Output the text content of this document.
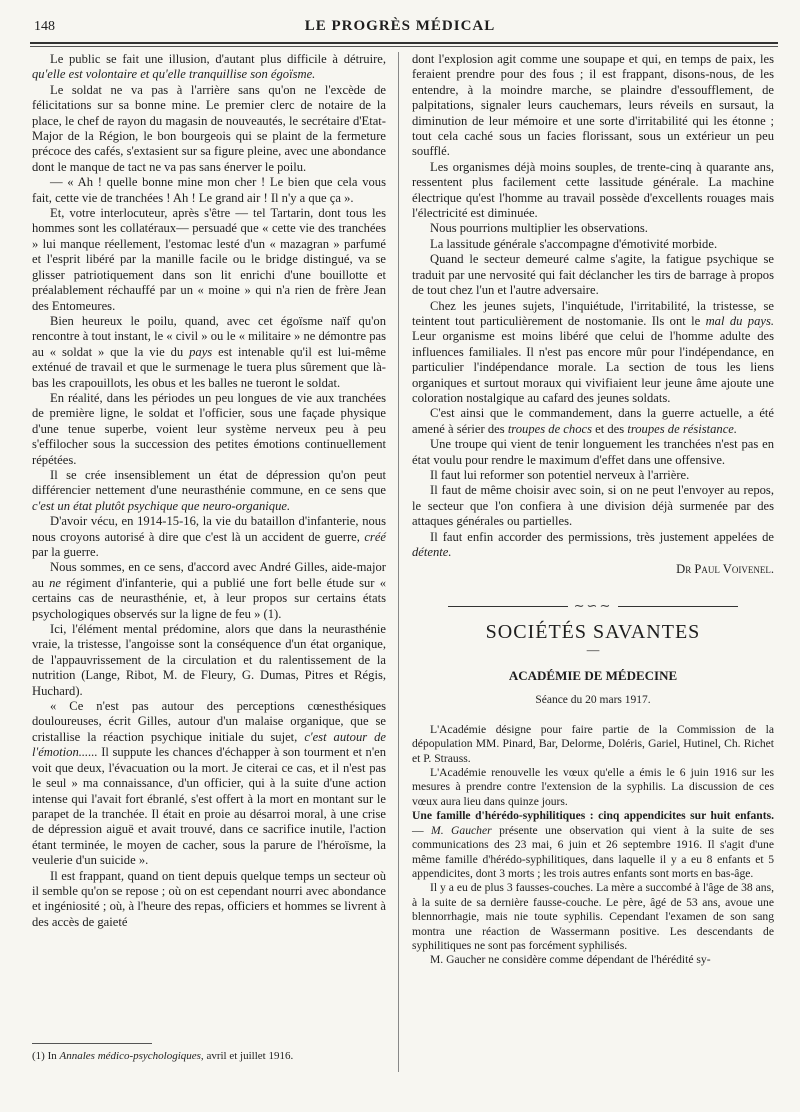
148	LE PROGRÈS MÉDICAL

Le public se fait une illusion, d'autant plus difficile à détruire, qu'elle est volontaire et qu'elle tranquillise son égoïsme.

Le soldat ne va pas à l'arrière sans qu'on ne l'excède de félicitations sur sa bonne mine. Le premier clerc de notaire de la place, le chef de rayon du magasin de nouveautés, le secrétaire d'Etat-Major de la Région, le bon bourgeois qui se plaint de la fermeture précoce des cafés, s'extasient sur sa figure pleine, avec une abondance dont le manque de tact ne va pas sans énerver le poilu.

— « Ah ! quelle bonne mine mon cher ! Le bien que cela vous fait, cette vie de tranchées ! Ah ! Le grand air ! Il n'y a que ça ».

Et, votre interlocuteur, après s'être — tel Tartarin, dont tous les hommes sont les collatéraux— persuadé que « cette vie des tranchées » lui manque réellement, l'estomac lesté d'un « mazagran » parfumé et l'esprit libéré par la manille facile ou le bridge distingué, va se glisser patriotiquement dans son lit enrichi d'une bouillotte et préalablement réchauffé par un « moine » qui n'a rien de frère Jean des Entomeures.

Bien heureux le poilu, quand, avec cet égoïsme naïf qu'on rencontre à tout instant, le « civil » ou le « militaire » ne démontre pas au « soldat » que la vie du pays est intenable qu'il est lui-même exténué de travail et que le surmenage le tuera plus sûrement que là-bas les crapouillots, les obus et les balles ne tueront le soldat.

En réalité, dans les périodes un peu longues de vie aux tranchées de première ligne, le soldat et l'officier, sous une façade physique d'une tenue superbe, voient leur système nerveux peu à peu s'effilocher sous la succession des petites émotions continuellement répétées.

Il se crée insensiblement un état de dépression qu'on peut différencier nettement d'une neurasthénie commune, en ce sens que c'est un état plutôt psychique que neuro-organique.

D'avoir vécu, en 1914-15-16, la vie du bataillon d'infanterie, nous nous croyons autorisé à dire que c'est là un accident de guerre, créé par la guerre.

Nous sommes, en ce sens, d'accord avec André Gilles, aide-major au ne régiment d'infanterie, qui a publié une fort belle étude sur « certains cas de neurasthénie, et, à leur propos sur certains états psychologiques observés sur la ligne de feu » (1).

Ici, l'élément mental prédomine, alors que dans la neurasthénie vraie, la tristesse, l'angoisse sont la conséquence d'un état organique, de l'appauvrissement de la circulation et du ralentissement de la nutrition (Lange, Ribot, M. de Fleury, G. Dumas, Pitres et Régis, Huchard).

« Ce n'est pas autour des perceptions cœnesthésiques douloureuses, écrit Gilles, autour d'un malaise organique, que se cristallise la réaction psychique initiale du sujet, c'est autour de l'émotion...... Il suppute les chances d'échapper à son tourment et n'en voit que deux, l'évacuation ou la mort. Je citerai ce cas, et il n'est pas le seul » ma connaissance, d'un officier, qui à la suite d'une action intense qui l'avait fort ébranlé, s'est offert à la mort en montant sur le parapet de la tranchée. Il était en proie au désarroi moral, à une crise de dépression aiguë et avait trouvé, dans ce sacrifice inutile, l'action étant terminée, le moyen de cacher, sous la parure de l'héroïsme, la veulerie d'un suicide ».

Il est frappant, quand on tient depuis quelque temps un secteur où il semble qu'on se repose ; où on est cependant nourri avec abondance et ingéniosité ; où, à l'heure des repas, officiers et hommes se livrent à des accès de gaieté

(1) In Annales médico-psychologiques, avril et juillet 1916.

dont l'explosion agit comme une soupape et qui, en temps de paix, les feraient prendre pour des fous ; il est frappant, disons-nous, de les entendre, à la moindre marche, se plaindre d'essoufflement, de palpitations, signaler leurs cauchemars, leurs réveils en sursaut, la diminution de leur mémoire et une sorte d'irritabilité qui les étonne ; tout cela caché sous un facies florissant, sous un extérieur un peu soufflé.

Les organismes déjà moins souples, de trente-cinq à quarante ans, ressentent plus facilement cette lassitude générale. La machine électrique qu'est l'homme au travail possède d'excellents rouages mais l'électricité est diminuée.

Nous pourrions multiplier les observations.

La lassitude générale s'accompagne d'émotivité morbide.

Quand le secteur demeuré calme s'agite, la fatigue psychique se traduit par une nervosité qui fait déclancher les tirs de barrage à propos de tout chez l'un et l'autre adversaire.

Chez les jeunes sujets, l'inquiétude, l'irritabilité, la tristesse, se teintent tout particulièrement de nostomanie. Ils ont le mal du pays. Leur organisme est moins libéré que celui de l'homme adulte des influences familiales. Il n'est pas encore mûr pour l'indépendance, en particulier l'indépendance morale. La section de tous les liens organiques et surtout moraux qui vivifiaient leur jeune âme ajoute une coloration nostalgique au cafard des jeunes soldats.

C'est ainsi que le commandement, dans la guerre actuelle, a été amené à sérier des troupes de chocs et des troupes de résistance.

Une troupe qui vient de tenir longuement les tranchées n'est pas en état voulu pour rendre le maximum d'effet dans une offensive.

Il faut lui reformer son potentiel nerveux à l'arrière.

Il faut de même choisir avec soin, si on ne peut l'envoyer au repos, le secteur que l'on confiera à une division déjà surmenée par des attaques générales ou partielles.

Il faut enfin accorder des permissions, très justement appelées de détente.

Dr Paul Voivenel.

∼∽∼

SOCIÉTÉS SAVANTES

—

ACADÉMIE DE MÉDECINE

Séance du 20 mars 1917.

L'Académie désigne pour faire partie de la Commission de la dépopulation MM. Pinard, Bar, Delorme, Doléris, Gariel, Hutinel, Ch. Richet et P. Strauss.

L'Académie renouvelle les vœux qu'elle a émis le 6 juin 1916 sur les mesures à prendre contre l'extension de la syphilis. La discussion de ces vœux aura lieu dans quinze jours.

Une famille d'hérédo-syphilitiques : cinq appendicites sur huit enfants. — M. Gaucher présente une observation qui vient à la suite de ses communications des 23 mai, 6 juin et 26 septembre 1916. Il s'agit d'une même famille d'hérédo-syphilitiques, dans laquelle il y a eu 8 enfants et 5 appendicites, dont 3 morts ; les trois autres enfants sont morts en bas-âge.

Il y a eu de plus 3 fausses-couches. La mère a succombé à l'âge de 38 ans, à la suite de sa dernière fausse-couche. Le père, âgé de 53 ans, avoue une blennorrhagie, mais nie toute syphilis. Cependant l'examen de son sang montra une réaction de Wassermann positive. Les descendants de syphilitiques ne sont pas forcément syphilisés.

M. Gaucher ne considère comme dépendant de l'hérédité sy-
